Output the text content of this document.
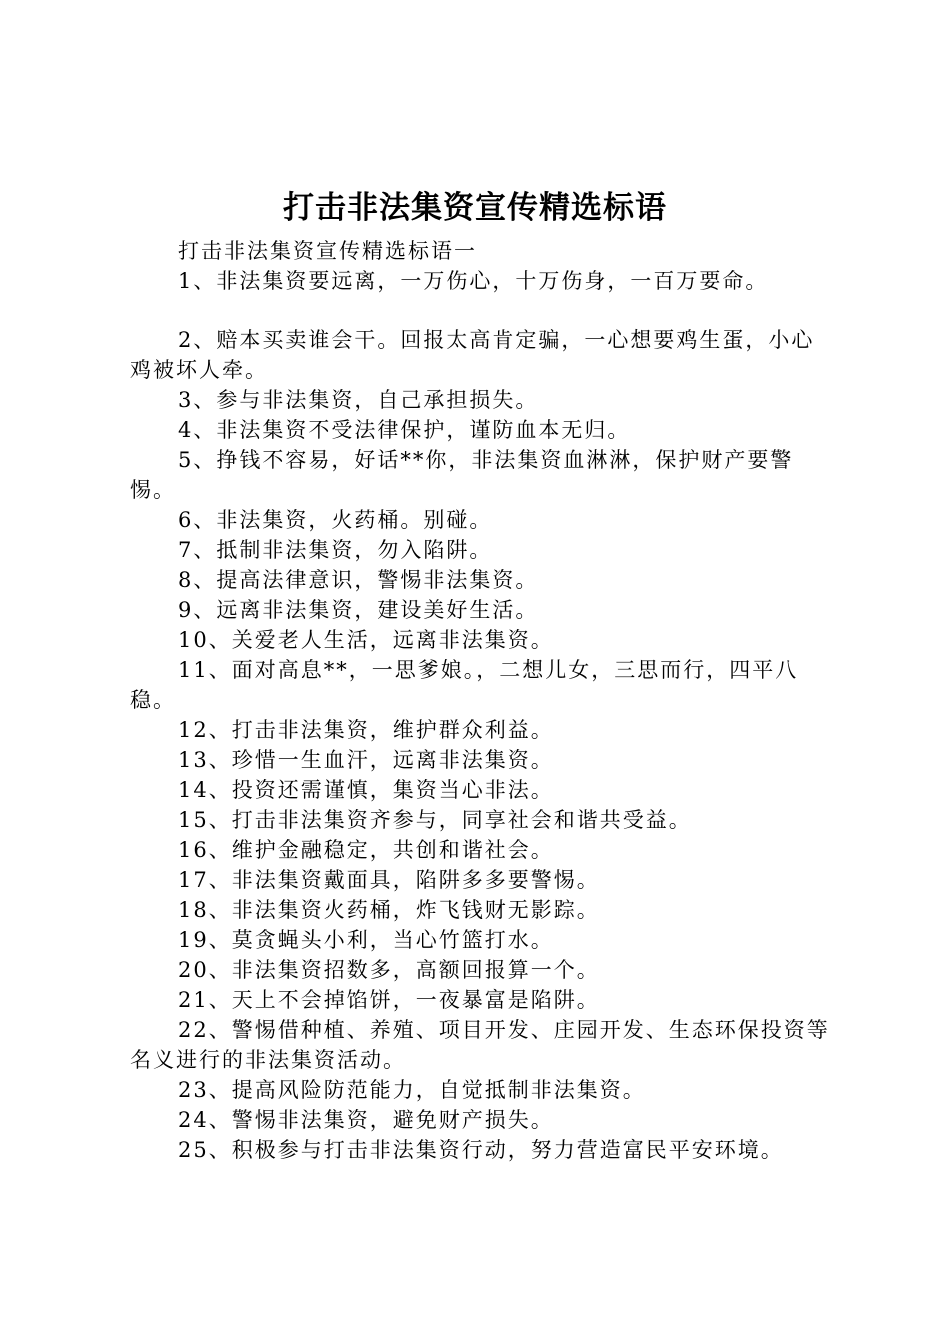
打击非法集资宣传精选标语

打击非法集资宣传精选标语一

1、非法集资要远离，一万伤心，十万伤身，一百万要命。

2、赔本买卖谁会干。回报太高肯定骗，一心想要鸡生蛋，小心鸡被坏人牵。

3、参与非法集资，自己承担损失。

4、非法集资不受法律保护，谨防血本无归。

5、挣钱不容易，好话**你，非法集资血淋淋，保护财产要警惕。

6、非法集资，火药桶。别碰。

7、抵制非法集资，勿入陷阱。

8、提高法律意识，警惕非法集资。

9、远离非法集资，建设美好生活。

10、关爱老人生活，远离非法集资。

11、面对高息**，一思爹娘。，二想儿女，三思而行，四平八稳。

12、打击非法集资，维护群众利益。

13、珍惜一生血汗，远离非法集资。

14、投资还需谨慎，集资当心非法。

15、打击非法集资齐参与，同享社会和谐共受益。

16、维护金融稳定，共创和谐社会。

17、非法集资戴面具，陷阱多多要警惕。

18、非法集资火药桶，炸飞钱财无影踪。

19、莫贪蝇头小利，当心竹篮打水。

20、非法集资招数多，高额回报算一个。

21、天上不会掉馅饼，一夜暴富是陷阱。

22、警惕借种植、养殖、项目开发、庄园开发、生态环保投资等名义进行的非法集资活动。

23、提高风险防范能力，自觉抵制非法集资。

24、警惕非法集资，避免财产损失。

25、积极参与打击非法集资行动，努力营造富民平安环境。
